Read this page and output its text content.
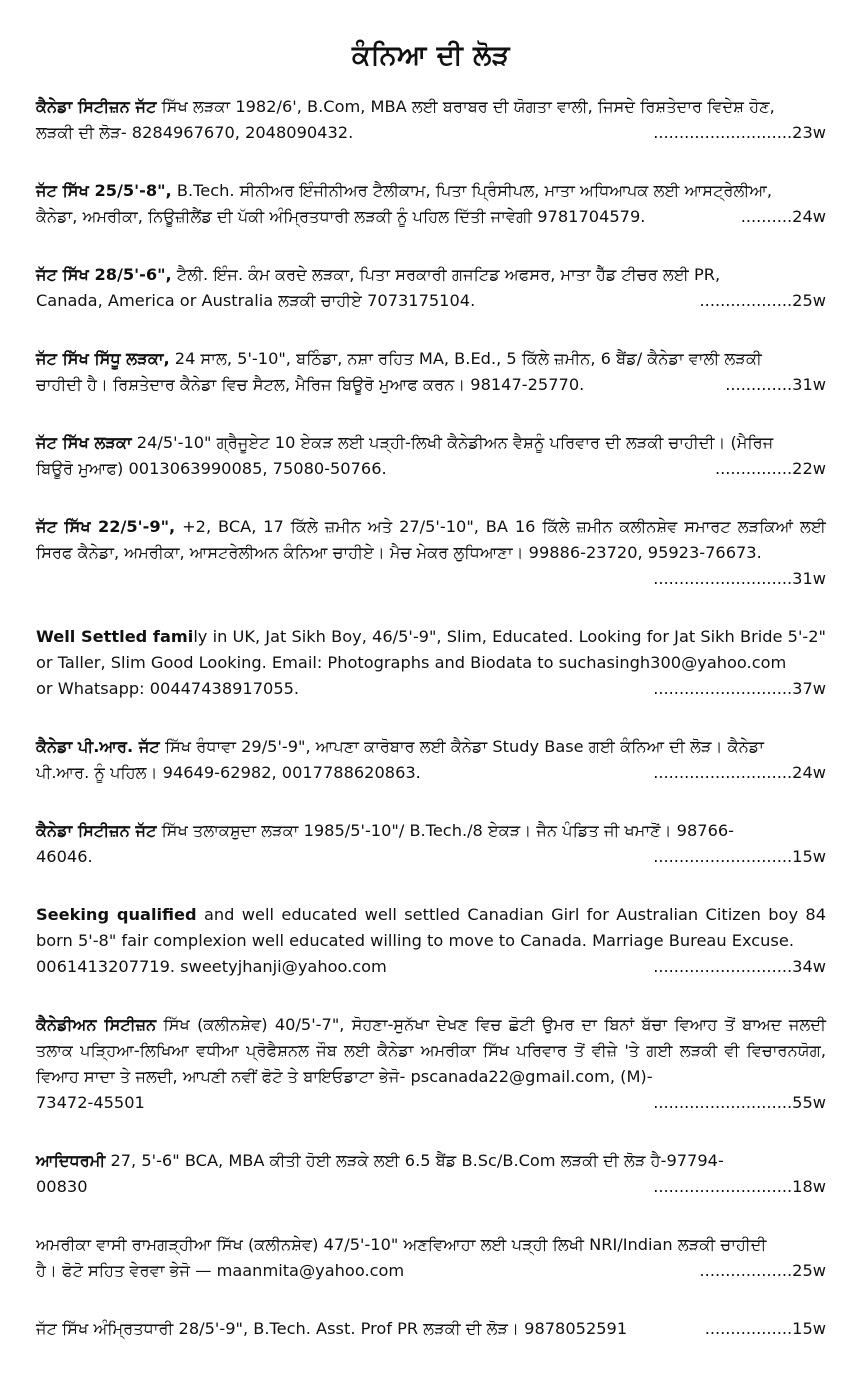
ਕੰਨਿਆ ਦੀ ਲੋੜ
ਕੈਨੇਡਾ ਸਿਟੀਜ਼ਨ ਜੱਟ ਸਿੱਖ ਲੜਕਾ 1982/6', B.Com, MBA ਲਈ ਬਰਾਬਰ ਦੀ ਯੋਗਤਾ ਵਾਲੀ, ਜਿਸਦੇ ਰਿਸ਼ਤੇਦਾਰ ਵਿਦੇਸ਼ ਹੋਣ,
ਲੜਕੀ ਦੀ ਲੋੜ- 8284967670, 2048090432.	...........................23w
ਜੱਟ ਸਿੱਖ 25/5'-8", B.Tech. ਸੀਨੀਅਰ ਇੰਜੀਨੀਅਰ ਟੈਲੀਕਾਮ, ਪਿਤਾ ਪ੍ਰਿੰਸੀਪਲ, ਮਾਤਾ ਅਧਿਆਪਕ ਲਈ ਆਸਟ੍ਰੇਲੀਆ,
ਕੈਨੇਡਾ, ਅਮਰੀਕਾ, ਨਿਊਜ਼ੀਲੈਂਡ ਦੀ ਪੱਕੀ ਅੰਮ੍ਰਿਤਧਾਰੀ ਲੜਕੀ ਨੂੰ ਪਹਿਲ ਦਿੱਤੀ ਜਾਵੇਗੀ 9781704579.	..........24w
ਜੱਟ ਸਿੱਖ 28/5'-6", ਟੈਲੀ. ਇੰਜ. ਕੰਮ ਕਰਦੇ ਲੜਕਾ, ਪਿਤਾ ਸਰਕਾਰੀ ਗਜਟਿਡ ਅਫਸਰ, ਮਾਤਾ ਹੈੱਡ ਟੀਚਰ ਲਈ PR,
Canada, America or Australia ਲੜਕੀ ਚਾਹੀਏ 7073175104.	..................25w
ਜੱਟ ਸਿੱਖ ਸਿੱਧੂ ਲੜਕਾ, 24 ਸਾਲ, 5'-10", ਬਠਿੰਡਾ, ਨਸ਼ਾ ਰਹਿਤ MA, B.Ed., 5 ਕਿੱਲੇ ਜ਼ਮੀਨ, 6 ਬੈਂਡ/ ਕੈਨੇਡਾ ਵਾਲੀ ਲੜਕੀ
ਚਾਹੀਦੀ ਹੈ। ਰਿਸ਼ਤੇਦਾਰ ਕੈਨੇਡਾ ਵਿਚ ਸੈਟਲ, ਮੈਰਿਜ ਬਿਊਰੋ ਮੁਆਫ ਕਰਨ। 98147-25770.	.............31w
ਜੱਟ ਸਿੱਖ ਲੜਕਾ 24/5'-10" ਗ੍ਰੈਜੂਏਟ 10 ਏਕੜ ਲਈ ਪੜ੍ਹੀ-ਲਿਖੀ ਕੈਨੇਡੀਅਨ ਵੈਸ਼ਨੂੰ ਪਰਿਵਾਰ ਦੀ ਲੜਕੀ ਚਾਹੀਦੀ। (ਮੈਰਿਜ
ਬਿਊਰੋ ਮੁਆਫ) 0013063990085, 75080-50766.	...............22w
ਜੱਟ ਸਿੱਖ 22/5'-9", +2, BCA, 17 ਕਿੱਲੇ ਜ਼ਮੀਨ ਅਤੇ 27/5'-10", BA 16 ਕਿੱਲੇ ਜ਼ਮੀਨ ਕਲੀਨਸ਼ੇਵ ਸਮਾਰਟ ਲੜਕਿਆਂ ਲਈ ਸਿਰਫ ਕੈਨੇਡਾ, ਅਮਰੀਕਾ, ਆਸਟਰੇਲੀਅਨ ਕੰਨਿਆ ਚਾਹੀਏ। ਮੈਚ ਮੇਕਰ ਲੁਧਿਆਣਾ। 99886-23720, 95923-76673.
...........................31w
Well Settled family in UK, Jat Sikh Boy, 46/5'-9", Slim, Educated. Looking for Jat Sikh Bride 5'-2" or Taller, Slim Good Looking. Email: Photographs and Biodata to suchasingh300@yahoo.com
or Whatsapp: 00447438917055.	...........................37w
ਕੈਨੇਡਾ ਪੀ.ਆਰ. ਜੱਟ ਸਿੱਖ ਰੰਧਾਵਾ 29/5'-9", ਆਪਣਾ ਕਾਰੋਬਾਰ ਲਈ ਕੈਨੇਡਾ Study Base ਗਈ ਕੰਨਿਆ ਦੀ ਲੋੜ। ਕੈਨੇਡਾ
ਪੀ.ਆਰ. ਨੂੰ ਪਹਿਲ। 94649-62982, 0017788620863.	...........................24w
ਕੈਨੇਡਾ ਸਿਟੀਜ਼ਨ ਜੱਟ ਸਿੱਖ ਤਲਾਕਸ਼ੁਦਾ ਲੜਕਾ 1985/5'-10"/ B.Tech./8 ਏਕੜ। ਜੈਨ ਪੰਡਿਤ ਜੀ ਖਮਾਣੋਂ। 98766-
46046.	...........................15w
Seeking qualified and well educated well settled Canadian Girl for Australian Citizen boy 84 born 5'-8" fair complexion well educated willing to move to Canada. Marriage Bureau Excuse.
0061413207719. sweetyjhanji@yahoo.com	...........................34w
ਕੈਨੇਡੀਅਨ ਸਿਟੀਜ਼ਨ ਸਿੱਖ (ਕਲੀਨਸ਼ੇਵ) 40/5'-7", ਸੋਹਣਾ-ਸੁਨੱਖਾ ਦੇਖਣ ਵਿਚ ਛੋਟੀ ਉਮਰ ਦਾ ਬਿਨਾਂ ਬੱਚਾ ਵਿਆਹ ਤੋਂ ਬਾਅਦ ਜਲਦੀ ਤਲਾਕ ਪੜ੍ਹਿਆ-ਲਿਖਿਆ ਵਧੀਆ ਪ੍ਰੋਫੈਸ਼ਨਲ ਜੌਬ ਲਈ ਕੈਨੇਡਾ ਅਮਰੀਕਾ ਸਿੱਖ ਪਰਿਵਾਰ ਤੋਂ ਵੀਜ਼ੇ 'ਤੇ ਗਈ ਲੜਕੀ ਵੀ ਵਿਚਾਰਨਯੋਗ, ਵਿਆਹ ਸਾਦਾ ਤੇ ਜਲਦੀ, ਆਪਣੀ ਨਵੀਂ ਫੋਟੋ ਤੇ ਬਾਇਓਡਾਟਾ ਭੇਜੋ- pscanada22@gmail.com, (M)-
73472-45501	...........................55w
ਆਦਿਧਰਮੀ 27, 5'-6" BCA, MBA ਕੀਤੀ ਹੋਈ ਲੜਕੇ ਲਈ 6.5 ਬੈਂਡ B.Sc/B.Com ਲੜਕੀ ਦੀ ਲੋੜ ਹੈ-97794-
00830	...........................18w
ਅਮਰੀਕਾ ਵਾਸੀ ਰਾਮਗੜ੍ਹੀਆ ਸਿੱਖ (ਕਲੀਨਸ਼ੇਵ) 47/5'-10" ਅਣਵਿਆਹਾ ਲਈ ਪੜ੍ਹੀ ਲਿਖੀ NRI/Indian ਲੜਕੀ ਚਾਹੀਦੀ
ਹੈ। ਫੋਟੋ ਸਹਿਤ ਵੇਰਵਾ ਭੇਜੋ — maanmita@yahoo.com	..................25w
ਜੱਟ ਸਿੱਖ ਅੰਮ੍ਰਿਤਧਾਰੀ 28/5'-9", B.Tech. Asst. Prof PR ਲੜਕੀ ਦੀ ਲੋੜ। 9878052591	.................15w
